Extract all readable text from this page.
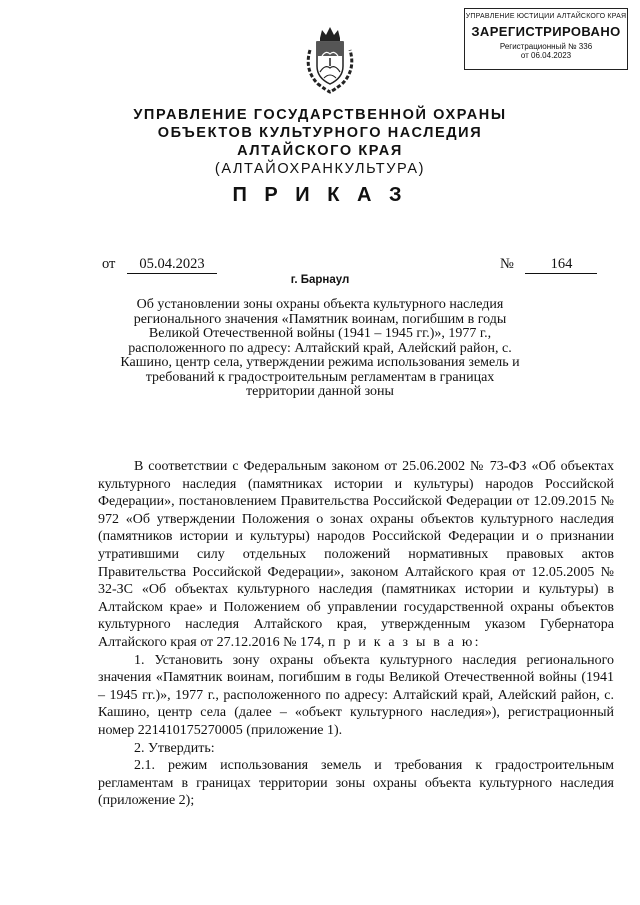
УПРАВЛЕНИЕ ЮСТИЦИИ АЛТАЙСКОГО КРАЯ
ЗАРЕГИСТРИРОВАНО
Регистрационный № 336
от 06.04.2023
УПРАВЛЕНИЕ ГОСУДАРСТВЕННОЙ ОХРАНЫ
ОБЪЕКТОВ КУЛЬТУРНОГО НАСЛЕДИЯ
АЛТАЙСКОГО КРАЯ
(АЛТАЙОХРАНКУЛЬТУРА)
П Р И К А З
от 05.04.2023	№	164
г. Барнаул

Об установлении зоны охраны объекта культурного наследия регионального значения «Памятник воинам, погибшим в годы Великой Отечественной войны (1941 – 1945 гг.)», 1977 г., расположенного по адресу: Алтайский край, Алейский район, с. Кашино, центр села, утверждении режима использования земель и требований к градостроительным регламентам в границах территории данной зоны

В соответствии с Федеральным законом от 25.06.2002 № 73-ФЗ «Об объектах культурного наследия (памятниках истории и культуры) народов Российской Федерации», постановлением Правительства Российской Федерации от 12.09.2015 № 972 «Об утверждении Положения о зонах охраны объектов культурного наследия (памятников истории и культуры) народов Российской Федерации и о признании утратившими силу отдельных положений нормативных правовых актов Правительства Российской Федерации», законом Алтайского края от 12.05.2005 № 32-ЗС «Об объектах культурного наследия (памятниках истории и культуры) в Алтайском крае» и Положением об управлении государственной охраны объектов культурного наследия Алтайского края, утвержденным указом Губернатора Алтайского края от 27.12.2016 № 174, п р и к а з ы в а ю:

1. Установить зону охраны объекта культурного наследия регионального значения «Памятник воинам, погибшим в годы Великой Отечественной войны (1941 – 1945 гг.)», 1977 г., расположенного по адресу: Алтайский край, Алейский район, с. Кашино, центр села (далее – «объект культурного наследия»), регистрационный номер 221410175270005 (приложение 1).

2. Утвердить:

2.1. режим использования земель и требования к градостроительным регламентам в границах территории зоны охраны объекта культурного наследия (приложение 2);
